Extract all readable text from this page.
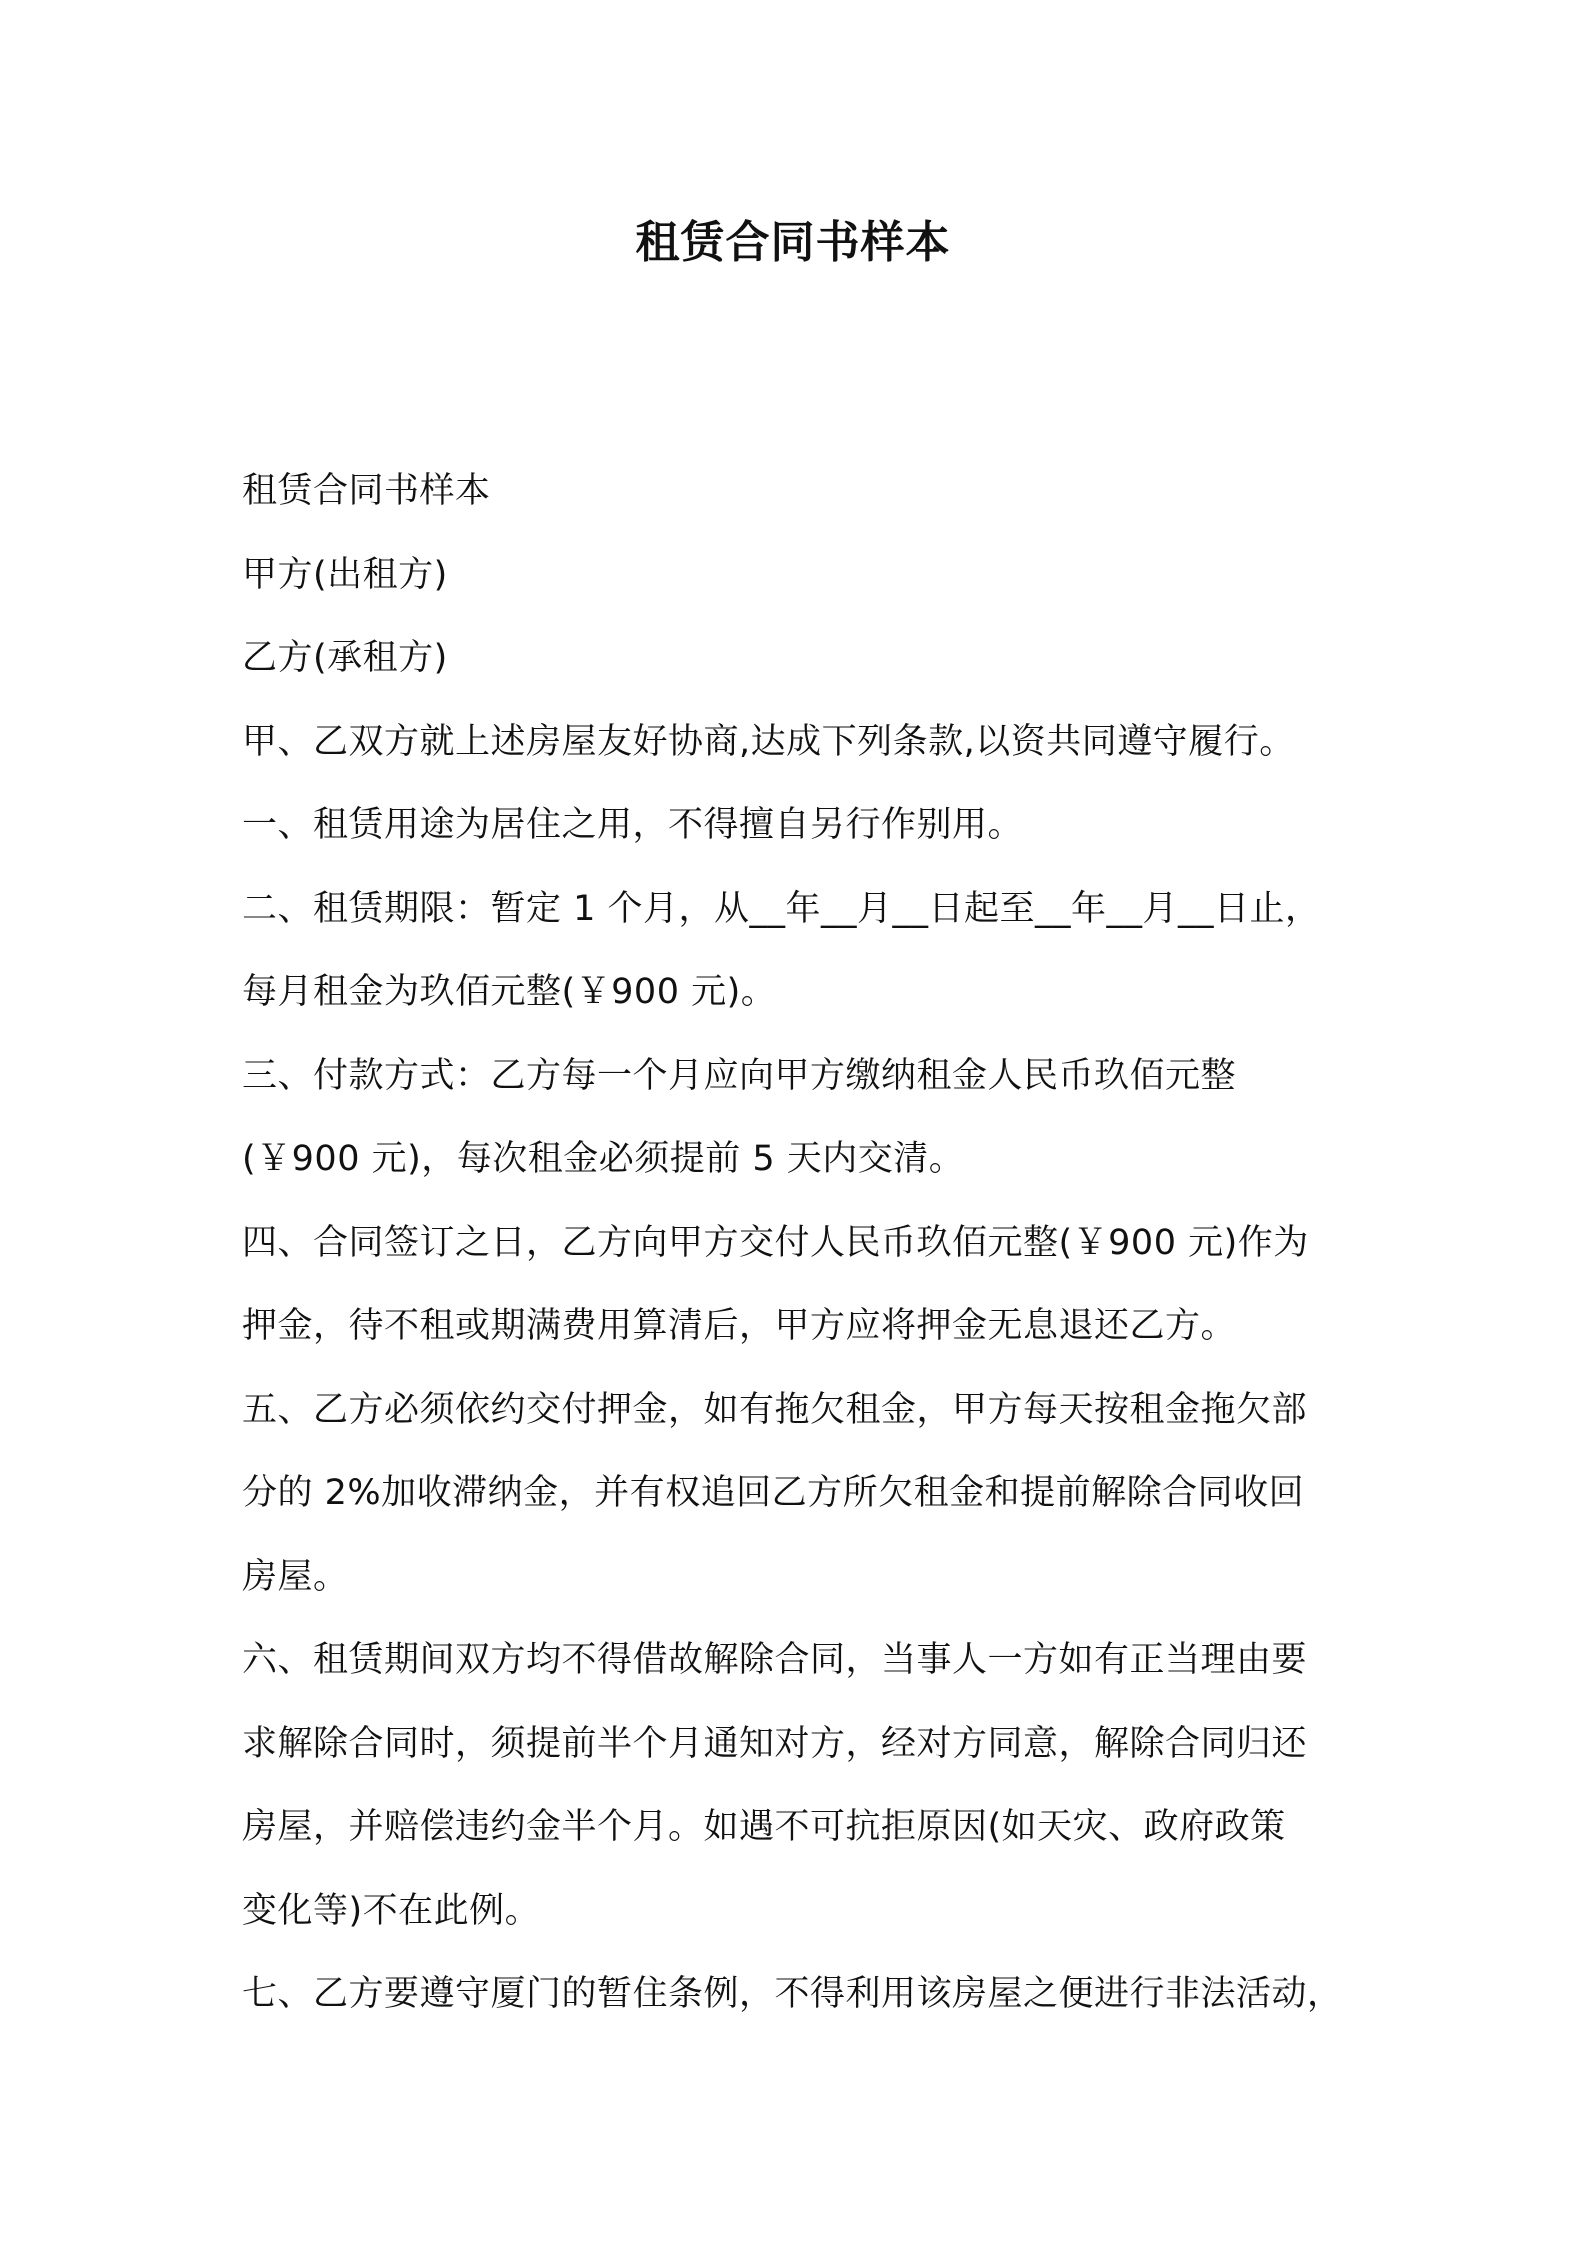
租赁合同书样本
租赁合同书样本
甲方(出租方)
乙方(承租方)
甲、乙双方就上述房屋友好协商,达成下列条款,以资共同遵守履行。
一、租赁用途为居住之用，不得擅自另行作别用。
二、租赁期限：暂定 1 个月，从__年__月__日起至__年__月__日止，
每月租金为玖佰元整(￥900 元)。
三、付款方式：乙方每一个月应向甲方缴纳租金人民币玖佰元整
(￥900 元)，每次租金必须提前 5 天内交清。
四、合同签订之日，乙方向甲方交付人民币玖佰元整(￥900 元)作为
押金，待不租或期满费用算清后，甲方应将押金无息退还乙方。
五、乙方必须依约交付押金，如有拖欠租金，甲方每天按租金拖欠部
分的 2%加收滞纳金，并有权追回乙方所欠租金和提前解除合同收回
房屋。
六、租赁期间双方均不得借故解除合同，当事人一方如有正当理由要
求解除合同时，须提前半个月通知对方，经对方同意，解除合同归还
房屋，并赔偿违约金半个月。如遇不可抗拒原因(如天灾、政府政策
变化等)不在此例。
七、乙方要遵守厦门的暂住条例，不得利用该房屋之便进行非法活动，
